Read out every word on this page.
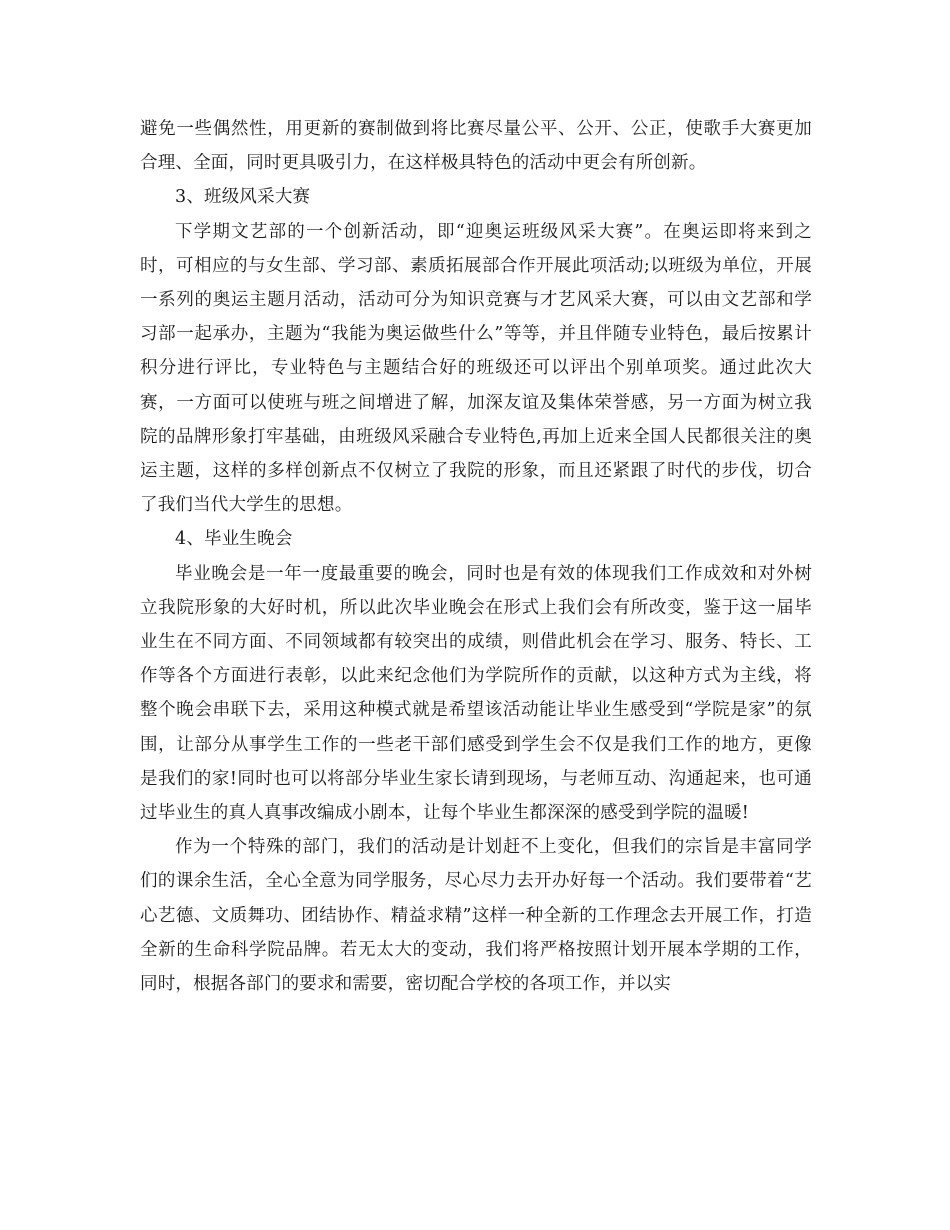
避免一些偶然性，用更新的赛制做到将比赛尽量公平、公开、公正，使歌手大赛更加合理、全面，同时更具吸引力，在这样极具特色的活动中更会有所创新。

3、班级风采大赛

下学期文艺部的一个创新活动，即“迎奥运班级风采大赛”。在奥运即将来到之时，可相应的与女生部、学习部、素质拓展部合作开展此项活动;以班级为单位，开展一系列的奥运主题月活动，活动可分为知识竞赛与才艺风采大赛，可以由文艺部和学习部一起承办，主题为“我能为奥运做些什么”等等，并且伴随专业特色，最后按累计积分进行评比，专业特色与主题结合好的班级还可以评出个别单项奖。通过此次大赛，一方面可以使班与班之间增进了解，加深友谊及集体荣誉感，另一方面为树立我院的品牌形象打牢基础，由班级风采融合专业特色,再加上近来全国人民都很关注的奥运主题，这样的多样创新点不仅树立了我院的形象，而且还紧跟了时代的步伐，切合了我们当代大学生的思想。

4、毕业生晚会

毕业晚会是一年一度最重要的晚会，同时也是有效的体现我们工作成效和对外树立我院形象的大好时机，所以此次毕业晚会在形式上我们会有所改变，鉴于这一届毕业生在不同方面、不同领域都有较突出的成绩，则借此机会在学习、服务、特长、工作等各个方面进行表彰，以此来纪念他们为学院所作的贡献，以这种方式为主线，将整个晚会串联下去，采用这种模式就是希望该活动能让毕业生感受到“学院是家”的氛围，让部分从事学生工作的一些老干部们感受到学生会不仅是我们工作的地方，更像是我们的家!同时也可以将部分毕业生家长请到现场，与老师互动、沟通起来，也可通过毕业生的真人真事改编成小剧本，让每个毕业生都深深的感受到学院的温暖!

作为一个特殊的部门，我们的活动是计划赶不上变化，但我们的宗旨是丰富同学们的课余生活，全心全意为同学服务，尽心尽力去开办好每一个活动。我们要带着“艺心艺德、文质舞功、团结协作、精益求精”这样一种全新的工作理念去开展工作，打造全新的生命科学院品牌。若无太大的变动，我们将严格按照计划开展本学期的工作，同时，根据各部门的要求和需要，密切配合学校的各项工作，并以实
